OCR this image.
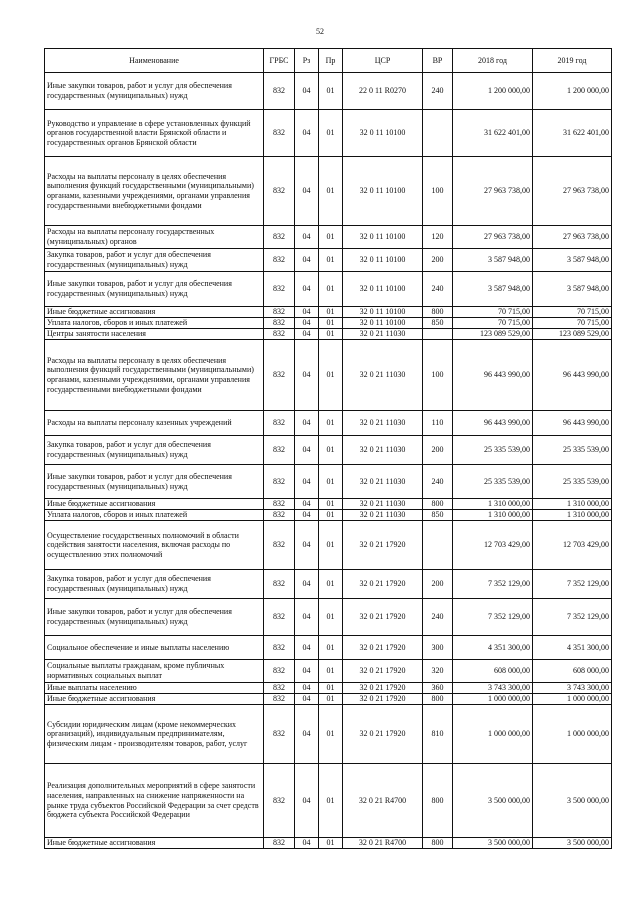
52
Наименование	ГРБС	Рз	Пр	ЦСР	ВР	2018 год	2019 год
Иные закупки товаров, работ и услуг для обеспечения государственных (муниципальных) нужд	832	04	01	22 0 11 R0270	240	1 200 000,00	1 200 000,00
Руководство и управление в сфере установленных функций органов государственной власти Брянской области и государственных органов Брянской области	832	04	01	32 0 11 10100		31 622 401,00	31 622 401,00
Расходы на выплаты персоналу в целях обеспечения выполнения функций государственными (муниципальными) органами, казенными учреждениями, органами управления государственными внебюджетными фондами	832	04	01	32 0 11 10100	100	27 963 738,00	27 963 738,00
Расходы на выплаты персоналу государственных (муниципальных) органов	832	04	01	32 0 11 10100	120	27 963 738,00	27 963 738,00
Закупка товаров, работ и услуг для обеспечения государственных (муниципальных) нужд	832	04	01	32 0 11 10100	200	3 587 948,00	3 587 948,00
Иные закупки товаров, работ и услуг для обеспечения государственных (муниципальных) нужд	832	04	01	32 0 11 10100	240	3 587 948,00	3 587 948,00
Иные бюджетные ассигнования	832	04	01	32 0 11 10100	800	70 715,00	70 715,00
Уплата налогов, сборов и иных платежей	832	04	01	32 0 11 10100	850	70 715,00	70 715,00
Центры занятости населения	832	04	01	32 0 21 11030		123 089 529,00	123 089 529,00
Расходы на выплаты персоналу в целях обеспечения выполнения функций государственными (муниципальными) органами, казенными учреждениями, органами управления государственными внебюджетными фондами	832	04	01	32 0 21 11030	100	96 443 990,00	96 443 990,00
Расходы на выплаты персоналу казенных учреждений	832	04	01	32 0 21 11030	110	96 443 990,00	96 443 990,00
Закупка товаров, работ и услуг для обеспечения государственных (муниципальных) нужд	832	04	01	32 0 21 11030	200	25 335 539,00	25 335 539,00
Иные закупки товаров, работ и услуг для обеспечения государственных (муниципальных) нужд	832	04	01	32 0 21 11030	240	25 335 539,00	25 335 539,00
Иные бюджетные ассигнования	832	04	01	32 0 21 11030	800	1 310 000,00	1 310 000,00
Уплата налогов, сборов и иных платежей	832	04	01	32 0 21 11030	850	1 310 000,00	1 310 000,00
Осуществление государственных полномочий в области содействия занятости населения, включая расходы по осуществлению этих полномочий	832	04	01	32 0 21 17920		12 703 429,00	12 703 429,00
Закупка товаров, работ и услуг для обеспечения государственных (муниципальных) нужд	832	04	01	32 0 21 17920	200	7 352 129,00	7 352 129,00
Иные закупки товаров, работ и услуг для обеспечения государственных (муниципальных) нужд	832	04	01	32 0 21 17920	240	7 352 129,00	7 352 129,00
Социальное обеспечение и иные выплаты населению	832	04	01	32 0 21 17920	300	4 351 300,00	4 351 300,00
Социальные выплаты гражданам, кроме публичных нормативных социальных выплат	832	04	01	32 0 21 17920	320	608 000,00	608 000,00
Иные выплаты населению	832	04	01	32 0 21 17920	360	3 743 300,00	3 743 300,00
Иные бюджетные ассигнования	832	04	01	32 0 21 17920	800	1 000 000,00	1 000 000,00
Субсидии юридическим лицам (кроме некоммерческих организаций), индивидуальным предпринимателям, физическим лицам - производителям товаров, работ, услуг	832	04	01	32 0 21 17920	810	1 000 000,00	1 000 000,00
Реализация дополнительных мероприятий в сфере занятости населения, направленных на снижение напряженности на рынке труда субъектов Российской Федерации за счет средств бюджета субъекта Российской Федерации	832	04	01	32 0 21 R4700	800	3 500 000,00	3 500 000,00
Иные бюджетные ассигнования	832	04	01	32 0 21 R4700	800	3 500 000,00	3 500 000,00
